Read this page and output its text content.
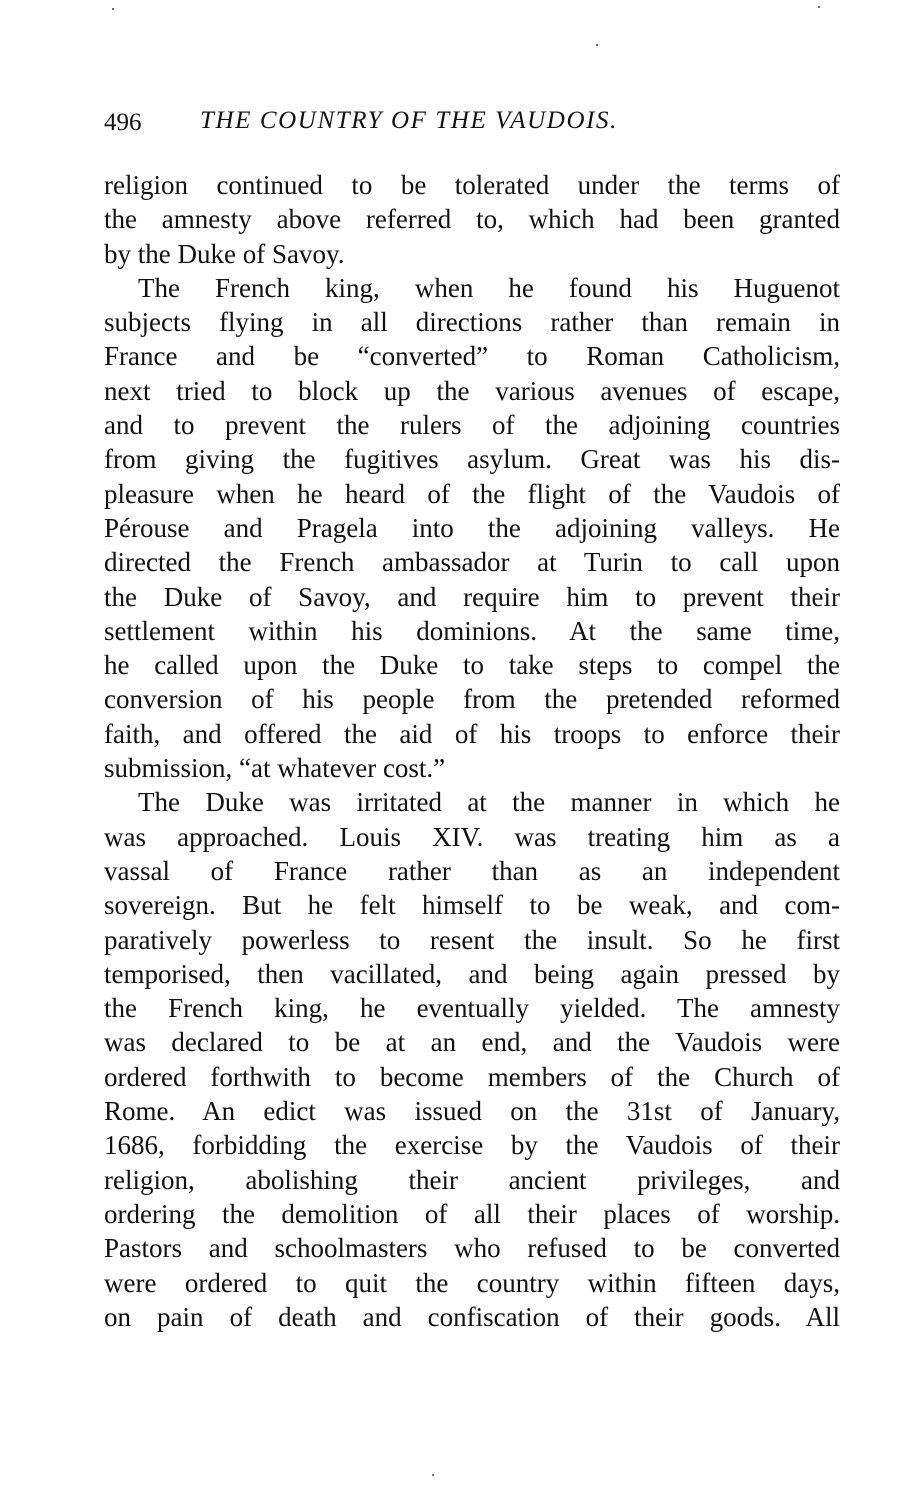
496 THE COUNTRY OF THE VAUDOIS.
religion continued to be tolerated under the terms of
the amnesty above referred to, which had been granted
by the Duke of Savoy.
The French king, when he found his Huguenot
subjects flying in all directions rather than remain in
France and be “converted” to Roman Catholicism,
next tried to block up the various avenues of escape,
and to prevent the rulers of the adjoining countries
from giving the fugitives asylum. Great was his dis-
pleasure when he heard of the flight of the Vaudois of
Pérouse and Pragela into the adjoining valleys. He
directed the French ambassador at Turin to call upon
the Duke of Savoy, and require him to prevent their
settlement within his dominions. At the same time,
he called upon the Duke to take steps to compel the
conversion of his people from the pretended reformed
faith, and offered the aid of his troops to enforce their
submission, “at whatever cost.”
The Duke was irritated at the manner in which he
was approached. Louis XIV. was treating him as a
vassal of France rather than as an independent
sovereign. But he felt himself to be weak, and com-
paratively powerless to resent the insult. So he first
temporised, then vacillated, and being again pressed by
the French king, he eventually yielded. The amnesty
was declared to be at an end, and the Vaudois were
ordered forthwith to become members of the Church of
Rome. An edict was issued on the 31st of January,
1686, forbidding the exercise by the Vaudois of their
religion, abolishing their ancient privileges, and
ordering the demolition of all their places of worship.
Pastors and schoolmasters who refused to be converted
were ordered to quit the country within fifteen days,
on pain of death and confiscation of their goods. All
